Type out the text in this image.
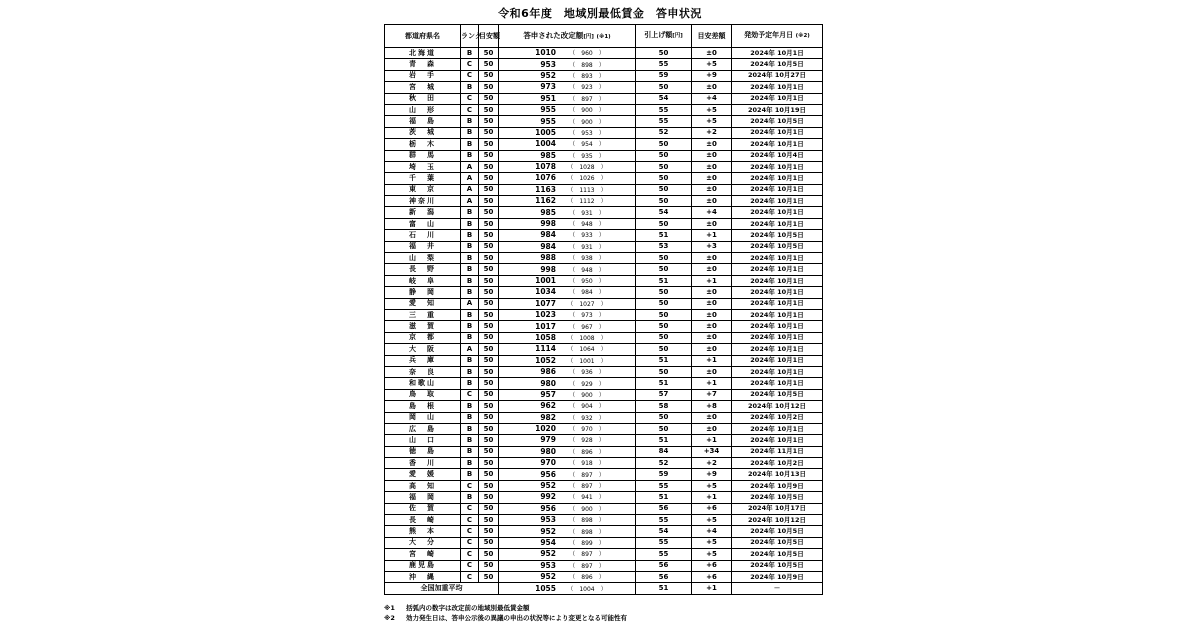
令和6年度　地域別最低賃金　答申状況
都道府県名	ランク	目安額	答申された改定額[円] (※1)	引上げ額[円]	目安差額	発効予定年月日 (※2)
北海道	B	50	1010 （　960　）	50	±0	2024年 10月1日
青　森	C	50	953 （　898　）	55	+5	2024年 10月5日
岩　手	C	50	952 （　893　）	59	+9	2024年 10月27日
宮　城	B	50	973 （　923　）	50	±0	2024年 10月1日
秋　田	C	50	951 （　897　）	54	+4	2024年 10月1日
山　形	C	50	955 （　900　）	55	+5	2024年 10月19日
福　島	B	50	955 （　900　）	55	+5	2024年 10月5日
茨　城	B	50	1005 （　953　）	52	+2	2024年 10月1日
栃　木	B	50	1004 （　954　）	50	±0	2024年 10月1日
群　馬	B	50	985 （　935　）	50	±0	2024年 10月4日
埼　玉	A	50	1078 （　1028　）	50	±0	2024年 10月1日
千　葉	A	50	1076 （　1026　）	50	±0	2024年 10月1日
東　京	A	50	1163 （　1113　）	50	±0	2024年 10月1日
神奈川	A	50	1162 （　1112　）	50	±0	2024年 10月1日
新　潟	B	50	985 （　931　）	54	+4	2024年 10月1日
富　山	B	50	998 （　948　）	50	±0	2024年 10月1日
石　川	B	50	984 （　933　）	51	+1	2024年 10月5日
福　井	B	50	984 （　931　）	53	+3	2024年 10月5日
山　梨	B	50	988 （　938　）	50	±0	2024年 10月1日
長　野	B	50	998 （　948　）	50	±0	2024年 10月1日
岐　阜	B	50	1001 （　950　）	51	+1	2024年 10月1日
静　岡	B	50	1034 （　984　）	50	±0	2024年 10月1日
愛　知	A	50	1077 （　1027　）	50	±0	2024年 10月1日
三　重	B	50	1023 （　973　）	50	±0	2024年 10月1日
滋　賀	B	50	1017 （　967　）	50	±0	2024年 10月1日
京　都	B	50	1058 （　1008　）	50	±0	2024年 10月1日
大　阪	A	50	1114 （　1064　）	50	±0	2024年 10月1日
兵　庫	B	50	1052 （　1001　）	51	+1	2024年 10月1日
奈　良	B	50	986 （　936　）	50	±0	2024年 10月1日
和歌山	B	50	980 （　929　）	51	+1	2024年 10月1日
鳥　取	C	50	957 （　900　）	57	+7	2024年 10月5日
島　根	B	50	962 （　904　）	58	+8	2024年 10月12日
岡　山	B	50	982 （　932　）	50	±0	2024年 10月2日
広　島	B	50	1020 （　970　）	50	±0	2024年 10月1日
山　口	B	50	979 （　928　）	51	+1	2024年 10月1日
徳　島	B	50	980 （　896　）	84	+34	2024年 11月1日
香　川	B	50	970 （　918　）	52	+2	2024年 10月2日
愛　媛	B	50	956 （　897　）	59	+9	2024年 10月13日
高　知	C	50	952 （　897　）	55	+5	2024年 10月9日
福　岡	B	50	992 （　941　）	51	+1	2024年 10月5日
佐　賀	C	50	956 （　900　）	56	+6	2024年 10月17日
長　崎	C	50	953 （　898　）	55	+5	2024年 10月12日
熊　本	C	50	952 （　898　）	54	+4	2024年 10月5日
大　分	C	50	954 （　899　）	55	+5	2024年 10月5日
宮　崎	C	50	952 （　897　）	55	+5	2024年 10月5日
鹿児島	C	50	953 （　897　）	56	+6	2024年 10月5日
沖　縄	C	50	952 （　896　）	56	+6	2024年 10月9日
全国加重平均			1055 （　1004　）	51	+1	－
※1 括弧内の数字は改定前の地域別最低賃金額
※2 効力発生日は、答申公示後の異議の申出の状況等により変更となる可能性有
